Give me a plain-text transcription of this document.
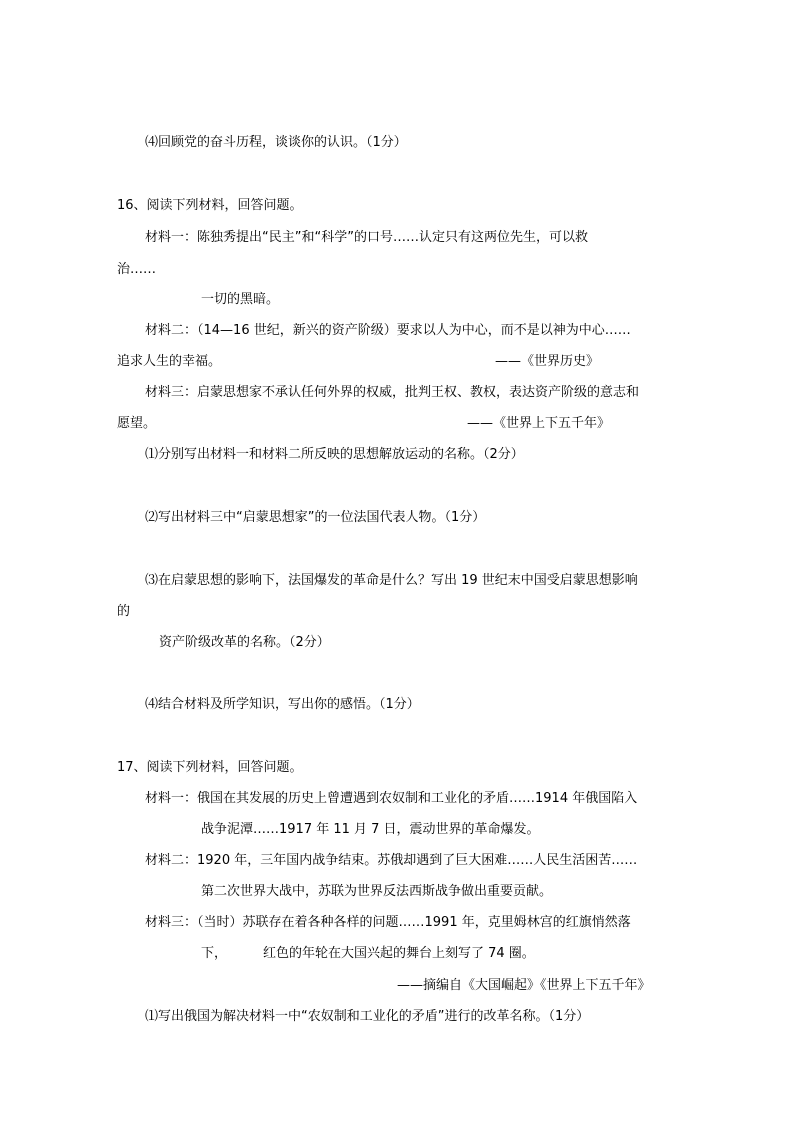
⑷回顾党的奋斗历程，谈谈你的认识。（1分）
16、阅读下列材料，回答问题。
材料一：陈独秀提出“民主”和“科学”的口号……认定只有这两位先生，可以救
治……
一切的黑暗。
材料二：（14—16 世纪，新兴的资产阶级）要求以人为中心，而不是以神为中心……
追求人生的幸福。	——《世界历史》
材料三：启蒙思想家不承认任何外界的权威，批判王权、教权，表达资产阶级的意志和
愿望。	——《世界上下五千年》
⑴分别写出材料一和材料二所反映的思想解放运动的名称。（2分）
⑵写出材料三中“启蒙思想家”的一位法国代表人物。（1分）
⑶在启蒙思想的影响下，法国爆发的革命是什么？写出 19 世纪末中国受启蒙思想影响
的
资产阶级改革的名称。（2分）
⑷结合材料及所学知识，写出你的感悟。（1分）
17、阅读下列材料，回答问题。
材料一：俄国在其发展的历史上曾遭遇到农奴制和工业化的矛盾……1914 年俄国陷入
战争泥潭……1917 年 11 月 7 日，震动世界的革命爆发。
材料二：1920 年，三年国内战争结束。苏俄却遇到了巨大困难……人民生活困苦……
第二次世界大战中，苏联为世界反法西斯战争做出重要贡献。
材料三：（当时）苏联存在着各种各样的问题……1991 年，克里姆林宫的红旗悄然落
下，	红色的年轮在大国兴起的舞台上刻写了 74 圈。
——摘编自《大国崛起》《世界上下五千年》
⑴写出俄国为解决材料一中“农奴制和工业化的矛盾”进行的改革名称。（1分）
